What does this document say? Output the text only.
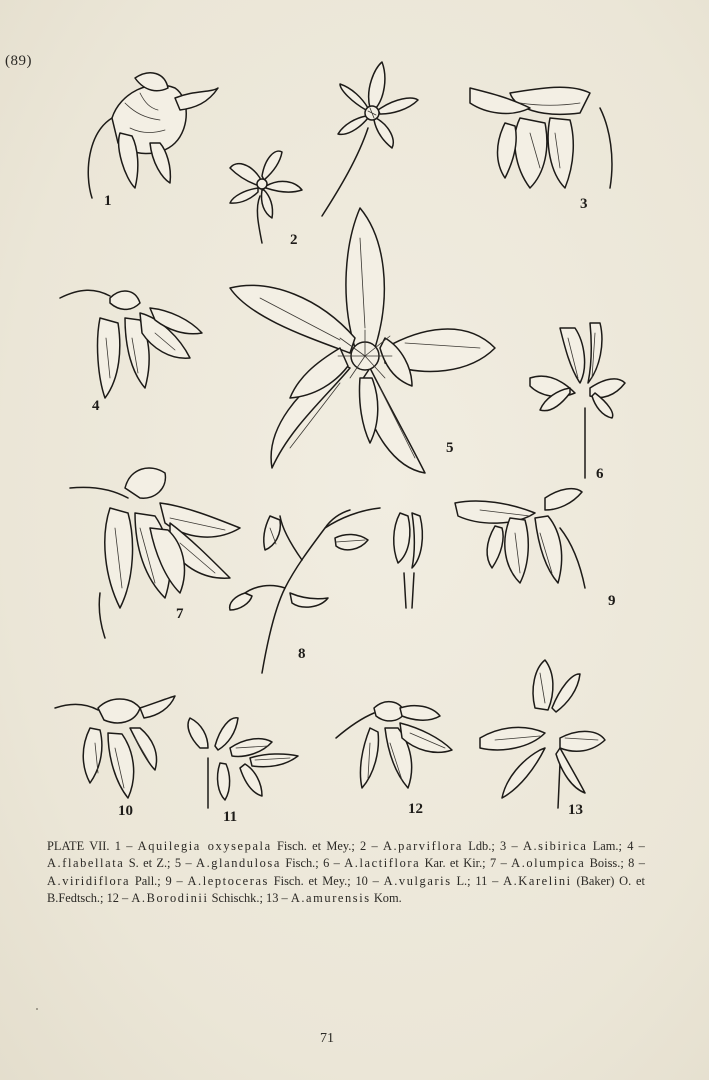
(89)
1
2
3
4
5
6
7
8
9
10	11	12	13
PLATE VII. 1 – Aquilegia oxysepala Fisch. et Mey.; 2 – A.parviflora Ldb.; 3 – A.sibirica Lam.; 4 – A.flabellata S. et Z.; 5 – A.glandulosa Fisch.; 6 – A.lactiflora Kar. et Kir.; 7 – A.olumpica Boiss.; 8 – A.viridiflora Pall.; 9 – A.leptoceras Fisch. et Mey.; 10 – A.vulgaris L.; 11 – A.Karelini (Baker) O. et B.Fedtsch.; 12 – A.Borodinii Schischk.; 13 – A.amurensis Kom.
71
